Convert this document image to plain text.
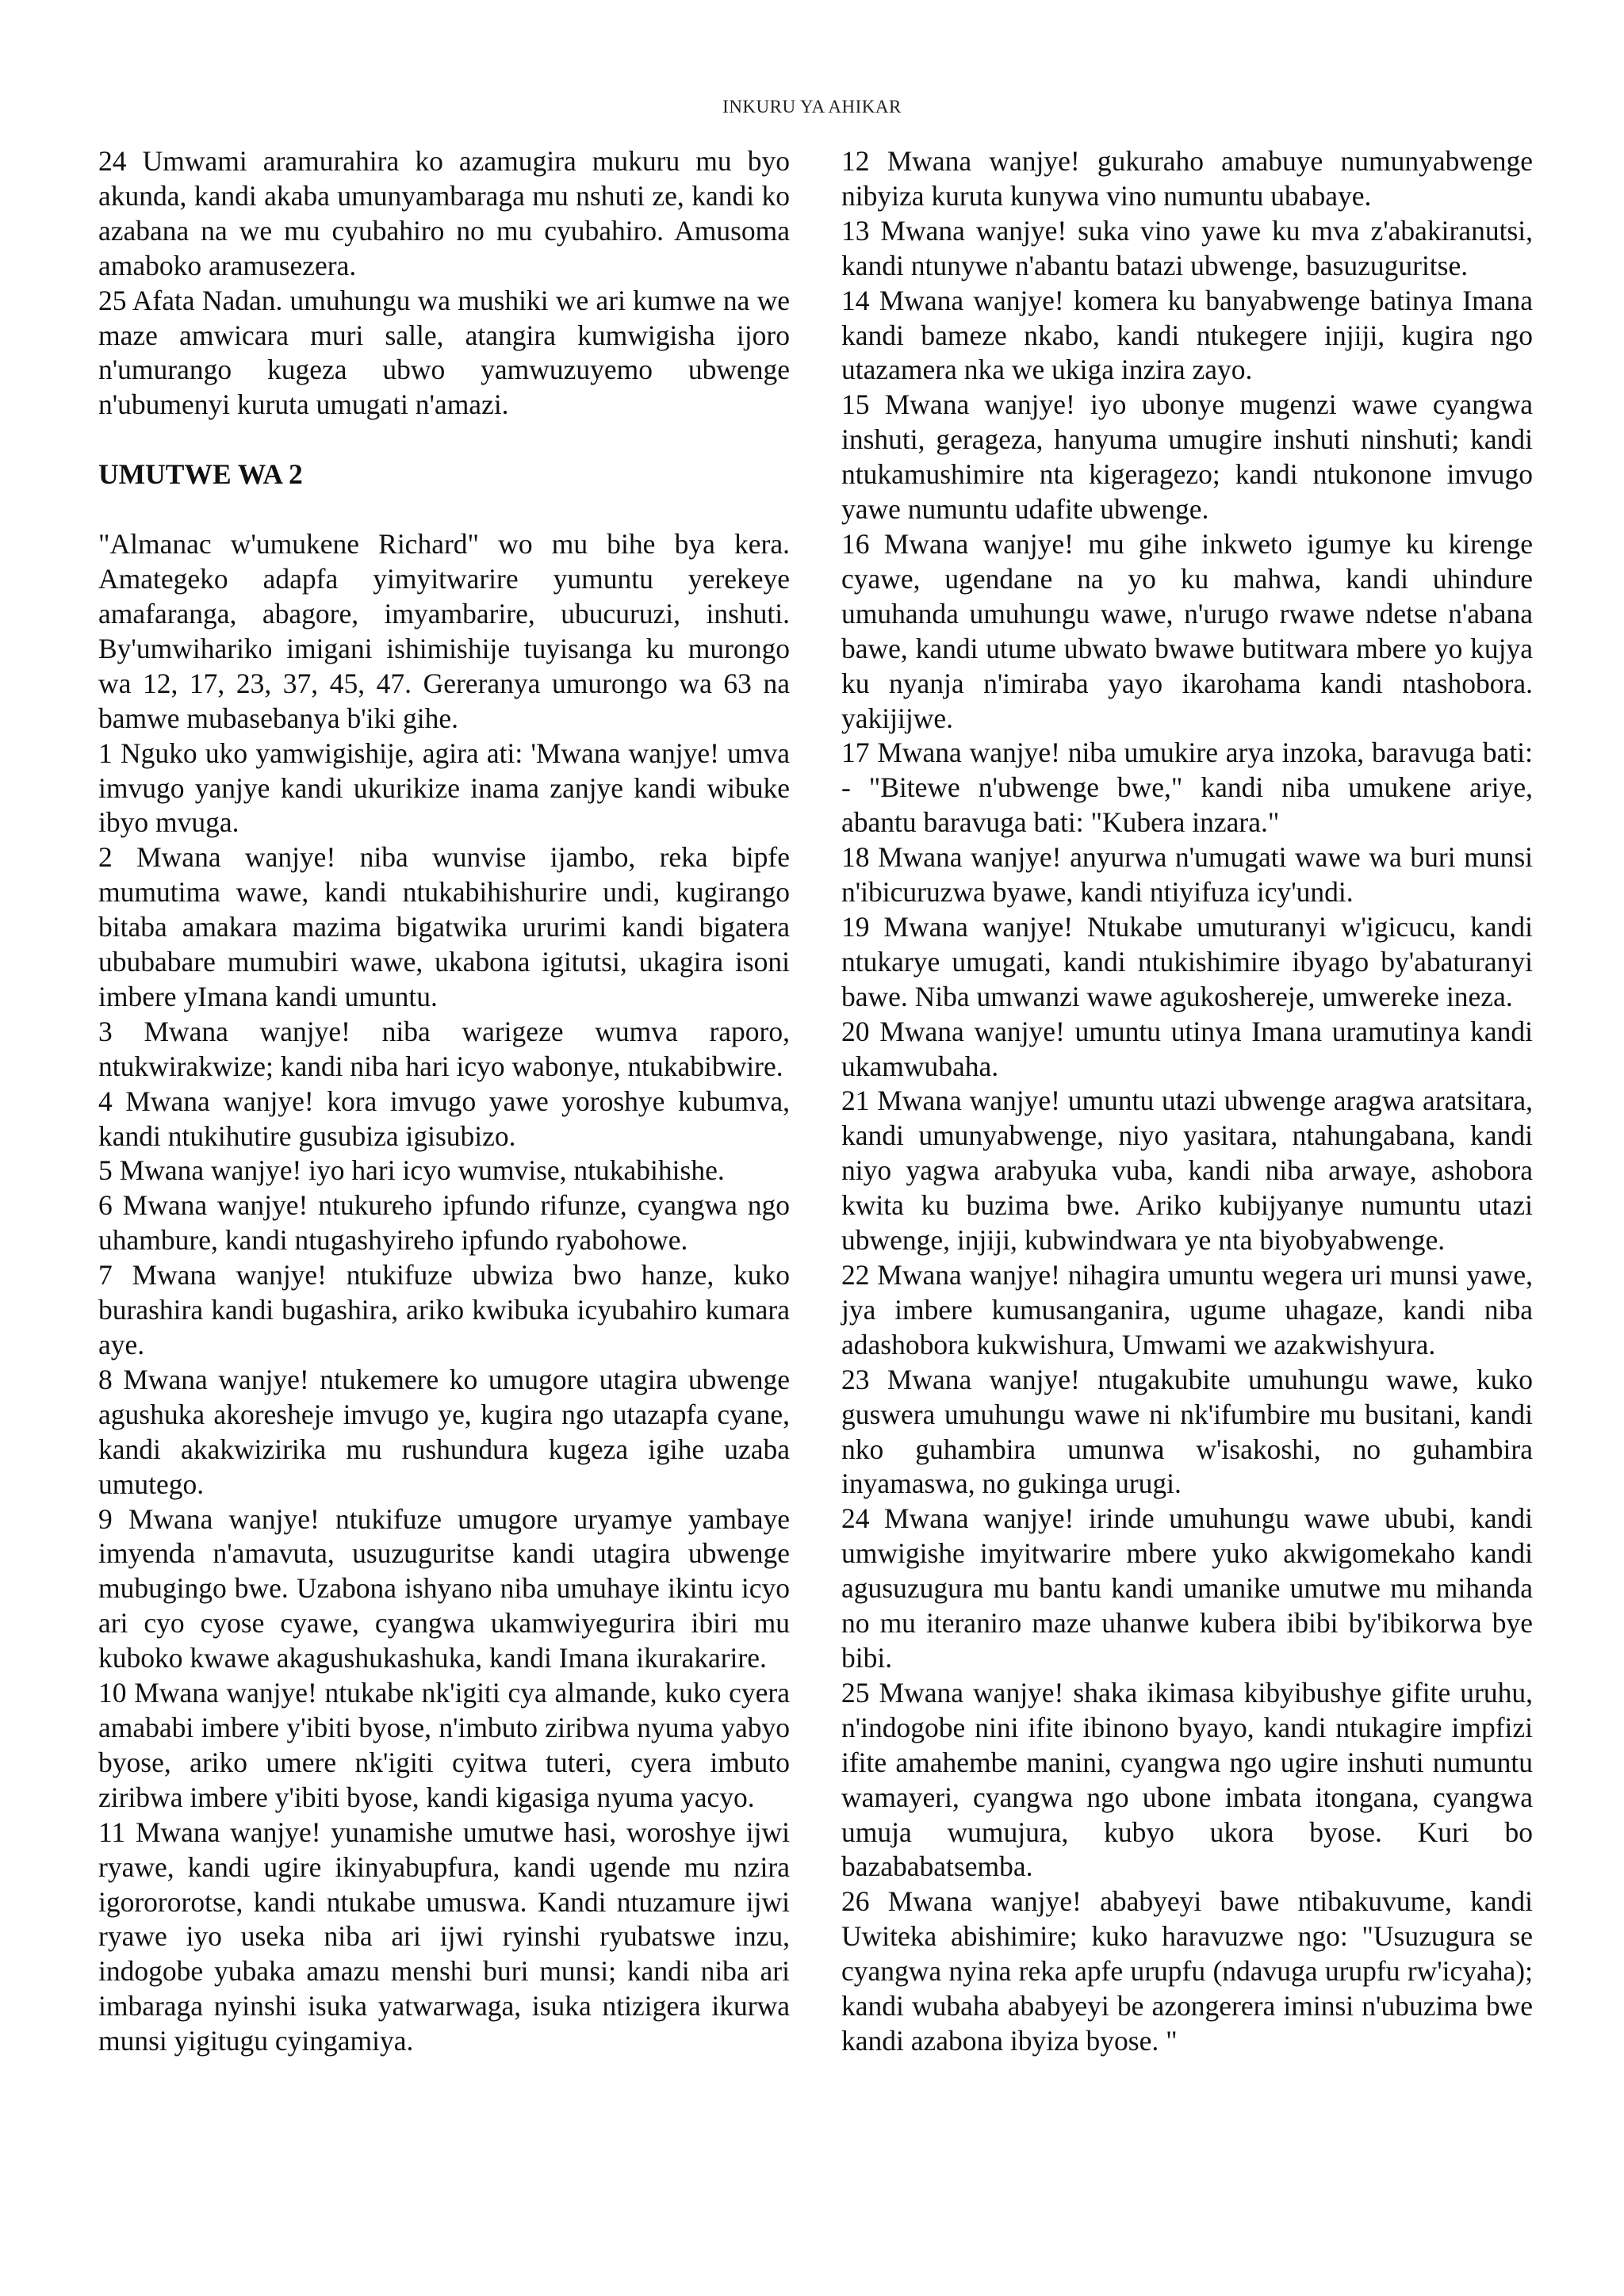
INKURU YA AHIKAR

24 Umwami aramurahira ko azamugira mukuru mu byo akunda, kandi akaba umunyambaraga mu nshuti ze, kandi ko azabana na we mu cyubahiro no mu cyubahiro. Amusoma amaboko aramusezera.

25 Afata Nadan. umuhungu wa mushiki we ari kumwe na we maze amwicara muri salle, atangira kumwigisha ijoro n'umurango kugeza ubwo yamwuzuyemo ubwenge n'ubumenyi kuruta umugati n'amazi.

UMUTWE WA 2

"Almanac w'umukene Richard" wo mu bihe bya kera. Amategeko adapfa yimyitwarire yumuntu yerekeye amafaranga, abagore, imyambarire, ubucuruzi, inshuti. By'umwihariko imigani ishimishije tuyisanga ku murongo wa 12, 17, 23, 37, 45, 47. Gereranya umurongo wa 63 na bamwe mubasebanya b'iki gihe.

1 Nguko uko yamwigishije, agira ati: 'Mwana wanjye! umva imvugo yanjye kandi ukurikize inama zanjye kandi wibuke ibyo mvuga.

2 Mwana wanjye! niba wunvise ijambo, reka bipfe mumutima wawe, kandi ntukabihishurire undi, kugirango bitaba amakara mazima bigatwika ururimi kandi bigatera ububabare mumubiri wawe, ukabona igitutsi, ukagira isoni imbere yImana kandi umuntu.

3 Mwana wanjye! niba warigeze wumva raporo, ntukwirakwize; kandi niba hari icyo wabonye, ntukabibwire.

4 Mwana wanjye! kora imvugo yawe yoroshye kubumva, kandi ntukihutire gusubiza igisubizo.

5 Mwana wanjye! iyo hari icyo wumvise, ntukabihishe.

6 Mwana wanjye! ntukureho ipfundo rifunze, cyangwa ngo uhambure, kandi ntugashyireho ipfundo ryabohowe.

7 Mwana wanjye! ntukifuze ubwiza bwo hanze, kuko burashira kandi bugashira, ariko kwibuka icyubahiro kumara aye.

8 Mwana wanjye! ntukemere ko umugore utagira ubwenge agushuka akoresheje imvugo ye, kugira ngo utazapfa cyane, kandi akakwizirika mu rushundura kugeza igihe uzaba umutego.

9 Mwana wanjye! ntukifuze umugore uryamye yambaye imyenda n'amavuta, usuzuguritse kandi utagira ubwenge mubugingo bwe. Uzabona ishyano niba umuhaye ikintu icyo ari cyo cyose cyawe, cyangwa ukamwiyegurira ibiri mu kuboko kwawe akagushukashuka, kandi Imana ikurakarire.

10 Mwana wanjye! ntukabe nk'igiti cya almande, kuko cyera amababi imbere y'ibiti byose, n'imbuto ziribwa nyuma yabyo byose, ariko umere nk'igiti cyitwa tuteri, cyera imbuto ziribwa imbere y'ibiti byose, kandi kigasiga nyuma yacyo.

11 Mwana wanjye! yunamishe umutwe hasi, woroshye ijwi ryawe, kandi ugire ikinyabupfura, kandi ugende mu nzira igorororotse, kandi ntukabe umuswa. Kandi ntuzamure ijwi ryawe iyo useka niba ari ijwi ryinshi ryubatswe inzu, indogobe yubaka amazu menshi buri munsi; kandi niba ari imbaraga nyinshi isuka yatwarwaga, isuka ntizigera ikurwa munsi yigitugu cyingamiya.

12 Mwana wanjye! gukuraho amabuye numunyabwenge nibyiza kuruta kunywa vino numuntu ubabaye.

13 Mwana wanjye! suka vino yawe ku mva z'abakiranutsi, kandi ntunywe n'abantu batazi ubwenge, basuzuguritse.

14 Mwana wanjye! komera ku banyabwenge batinya Imana kandi bameze nkabo, kandi ntukegere injiji, kugira ngo utazamera nka we ukiga inzira zayo.

15 Mwana wanjye! iyo ubonye mugenzi wawe cyangwa inshuti, gerageza, hanyuma umugire inshuti ninshuti; kandi ntukamushimire nta kigeragezo; kandi ntukonone imvugo yawe numuntu udafite ubwenge.

16 Mwana wanjye! mu gihe inkweto igumye ku kirenge cyawe, ugendane na yo ku mahwa, kandi uhindure umuhanda umuhungu wawe, n'urugo rwawe ndetse n'abana bawe, kandi utume ubwato bwawe butitwara mbere yo kujya ku nyanja n'imiraba yayo ikarohama kandi ntashobora. yakijijwe.

17 Mwana wanjye! niba umukire arya inzoka, baravuga bati: - "Bitewe n'ubwenge bwe," kandi niba umukene ariye, abantu baravuga bati: "Kubera inzara."

18 Mwana wanjye! anyurwa n'umugati wawe wa buri munsi n'ibicuruzwa byawe, kandi ntiyifuza icy'undi.

19 Mwana wanjye! Ntukabe umuturanyi w'igicucu, kandi ntukarye umugati, kandi ntukishimire ibyago by'abaturanyi bawe. Niba umwanzi wawe agukoshereje, umwereke ineza.

20 Mwana wanjye! umuntu utinya Imana uramutinya kandi ukamwubaha.

21 Mwana wanjye! umuntu utazi ubwenge aragwa aratsitara, kandi umunyabwenge, niyo yasitara, ntahungabana, kandi niyo yagwa arabyuka vuba, kandi niba arwaye, ashobora kwita ku buzima bwe. Ariko kubijyanye numuntu utazi ubwenge, injiji, kubwindwara ye nta biyobyabwenge.

22 Mwana wanjye! nihagira umuntu wegera uri munsi yawe, jya imbere kumusanganira, ugume uhagaze, kandi niba adashobora kukwishura, Umwami we azakwishyura.

23 Mwana wanjye! ntugakubite umuhungu wawe, kuko guswera umuhungu wawe ni nk'ifumbire mu busitani, kandi nko guhambira umunwa w'isakoshi, no guhambira inyamaswa, no gukinga urugi.

24 Mwana wanjye! irinde umuhungu wawe ububi, kandi umwigishe imyitwarire mbere yuko akwigomekaho kandi agusuzugura mu bantu kandi umanike umutwe mu mihanda no mu iteraniro maze uhanwe kubera ibibi by'ibikorwa bye bibi.

25 Mwana wanjye! shaka ikimasa kibyibushye gifite uruhu, n'indogobe nini ifite ibinono byayo, kandi ntukagire impfizi ifite amahembe manini, cyangwa ngo ugire inshuti numuntu wamayeri, cyangwa ngo ubone imbata itongana, cyangwa umuja wumujura, kubyo ukora byose. Kuri bo bazababatsemba.

26 Mwana wanjye! ababyeyi bawe ntibakuvume, kandi Uwiteka abishimire; kuko haravuzwe ngo: "Usuzugura se cyangwa nyina reka apfe urupfu (ndavuga urupfu rw'icyaha); kandi wubaha ababyeyi be azongerera iminsi n'ubuzima bwe kandi azabona ibyiza byose. "
